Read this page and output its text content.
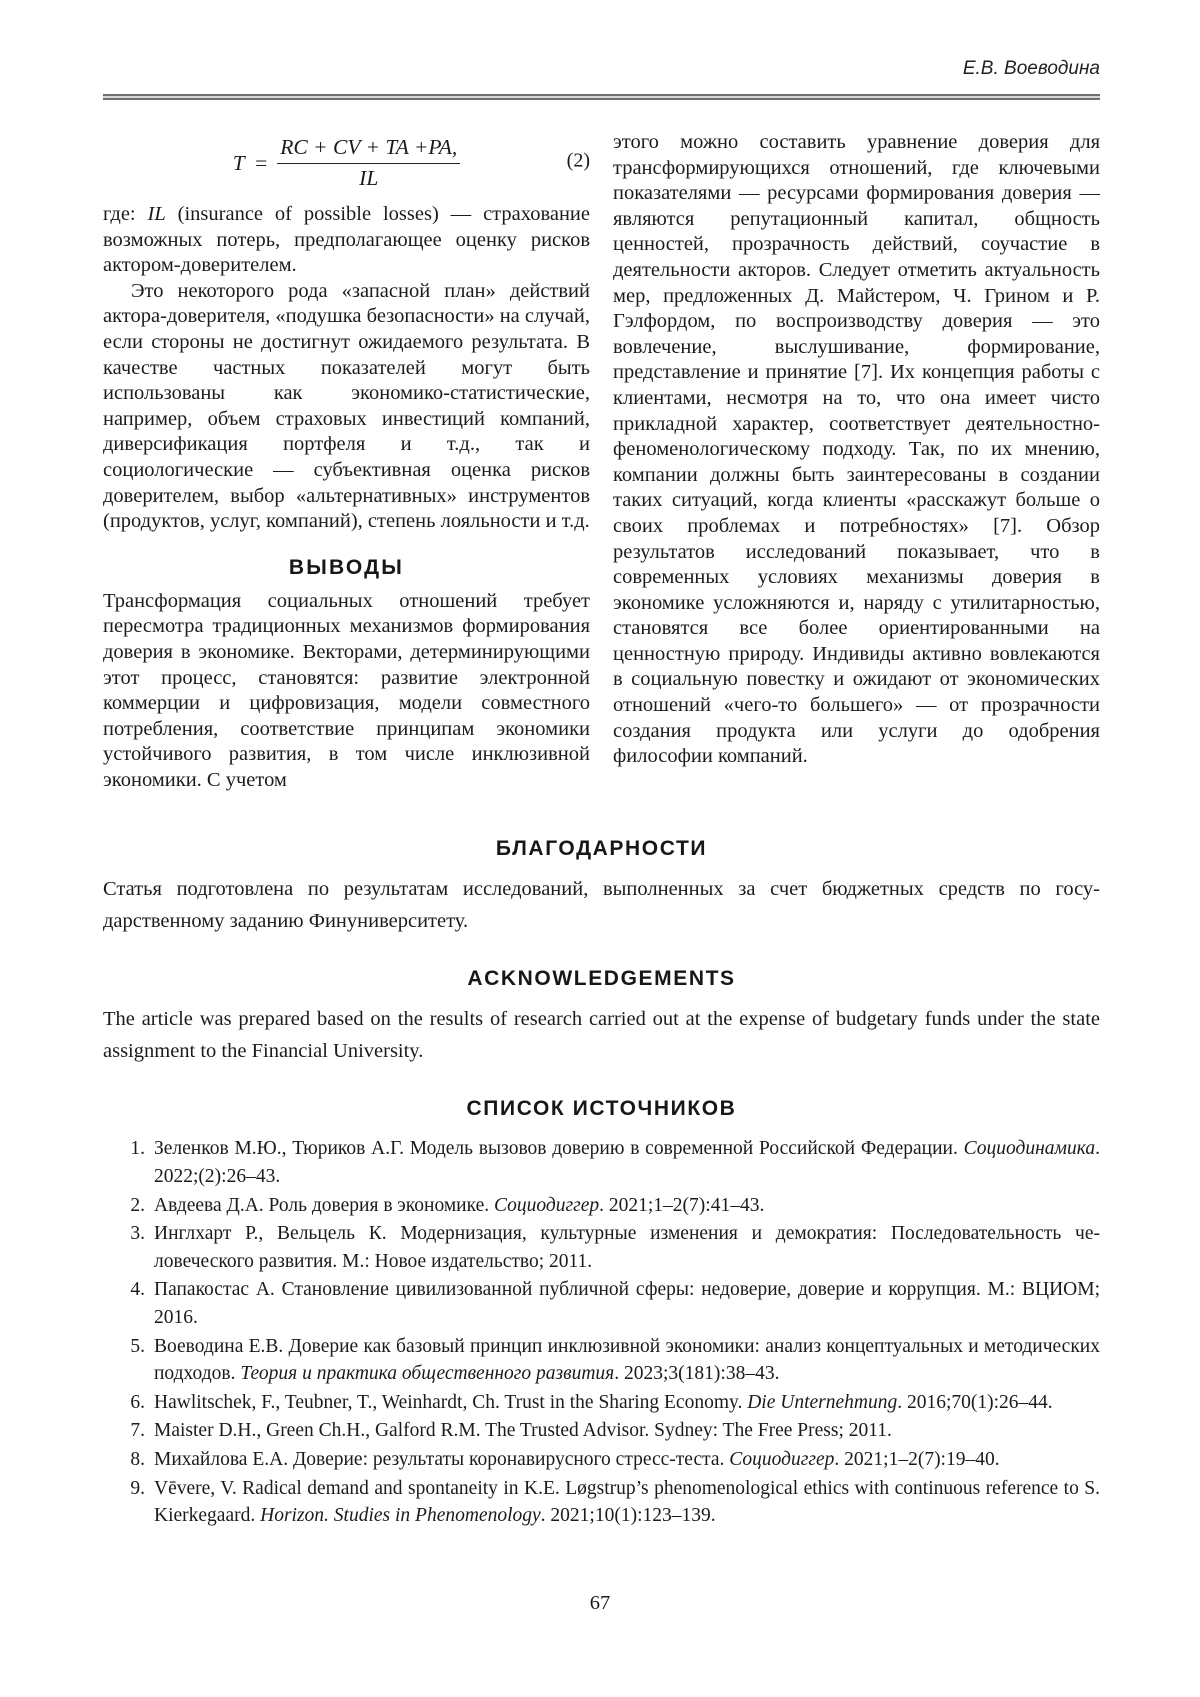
Е.В. Воеводина
$T = \frac{RC + CV + TA +PA,}{IL}$	(2)

где: IL (insurance of possible losses) — страхование возможных потерь, предполагающее оценку рисков актором-доверителем.

Это некоторого рода «запасной план» действий актора-доверителя, «подушка безопасности» на случай, если стороны не достигнут ожидаемого результата. В качестве частных показателей могут быть использованы как экономико-статистические, например, объем страховых инвестиций компаний, диверсификация портфеля и т.д., так и социологические — субъективная оценка рисков доверителем, выбор «альтернативных» инструментов (продуктов, услуг, компаний), степень лояльности и т.д.

ВЫВОДЫ

Трансформация социальных отношений требует пересмотра традиционных механизмов формирования доверия в экономике. Векторами, детерминирующими этот процесс, становятся: развитие электронной коммерции и цифровизация, модели совместного потребления, соответствие принципам экономики устойчивого развития, в том числе инклюзивной экономики. С учетом

этого можно составить уравнение доверия для трансформирующихся отношений, где ключевыми показателями — ресурсами формирования доверия — являются репутационный капитал, общность ценностей, прозрачность действий, соучастие в деятельности акторов. Следует отметить актуальность мер, предложенных Д. Майстером, Ч. Грином и Р. Гэлфордом, по воспроизводству доверия — это вовлечение, выслушивание, формирование, представление и принятие [7]. Их концепция работы с клиентами, несмотря на то, что она имеет чисто прикладной характер, соответствует деятельностно-феноменологическому подходу. Так, по их мнению, компании должны быть заинтересованы в создании таких ситуаций, когда клиенты «расскажут больше о своих проблемах и потребностях» [7]. Обзор результатов исследований показывает, что в современных условиях механизмы доверия в экономике усложняются и, наряду с утилитарностью, становятся все более ориентированными на ценностную природу. Индивиды активно вовлекаются в социальную повестку и ожидают от экономических отношений «чего-то большего» — от прозрачности создания продукта или услуги до одобрения философии компаний.

БЛАГОДАРНОСТИ

Статья подготовлена по результатам исследований, выполненных за счет бюджетных средств по государственному заданию Финуниверситету.

ACKNOWLEDGEMENTS

The article was prepared based on the results of research carried out at the expense of budgetary funds under the state assignment to the Financial University.

СПИСОК ИСТОЧНИКОВ
1. Зеленков М.Ю., Тюриков А.Г. Модель вызовов доверию в современной Российской Федерации. Социодинамика. 2022;(2):26–43.
2. Авдеева Д.А. Роль доверия в экономике. Социодиггер. 2021;1–2(7):41–43.
3. Инглхарт Р., Вельцель К. Модернизация, культурные изменения и демократия: Последовательность человеческого развития. М.: Новое издательство; 2011.
4. Папакостас А. Становление цивилизованной публичной сферы: недоверие, доверие и коррупция. М.: ВЦИОМ; 2016.
5. Воеводина Е.В. Доверие как базовый принцип инклюзивной экономики: анализ концептуальных и методических подходов. Теория и практика общественного развития. 2023;3(181):38–43.
6. Hawlitschek, F., Teubner, T., Weinhardt, Ch. Trust in the Sharing Economy. Die Unternehmung. 2016;70(1):26–44.
7. Maister D.H., Green Ch.H., Galford R.M. The Trusted Advisor. Sydney: The Free Press; 2011.
8. Михайлова Е.А. Доверие: результаты коронавирусного стресс-теста. Социодиггер. 2021;1–2(7):19–40.
9. Vēvere, V. Radical demand and spontaneity in K.E. Løgstrup’s phenomenological ethics with continuous reference to S. Kierkegaard. Horizon. Studies in Phenomenology. 2021;10(1):123–139.
67
